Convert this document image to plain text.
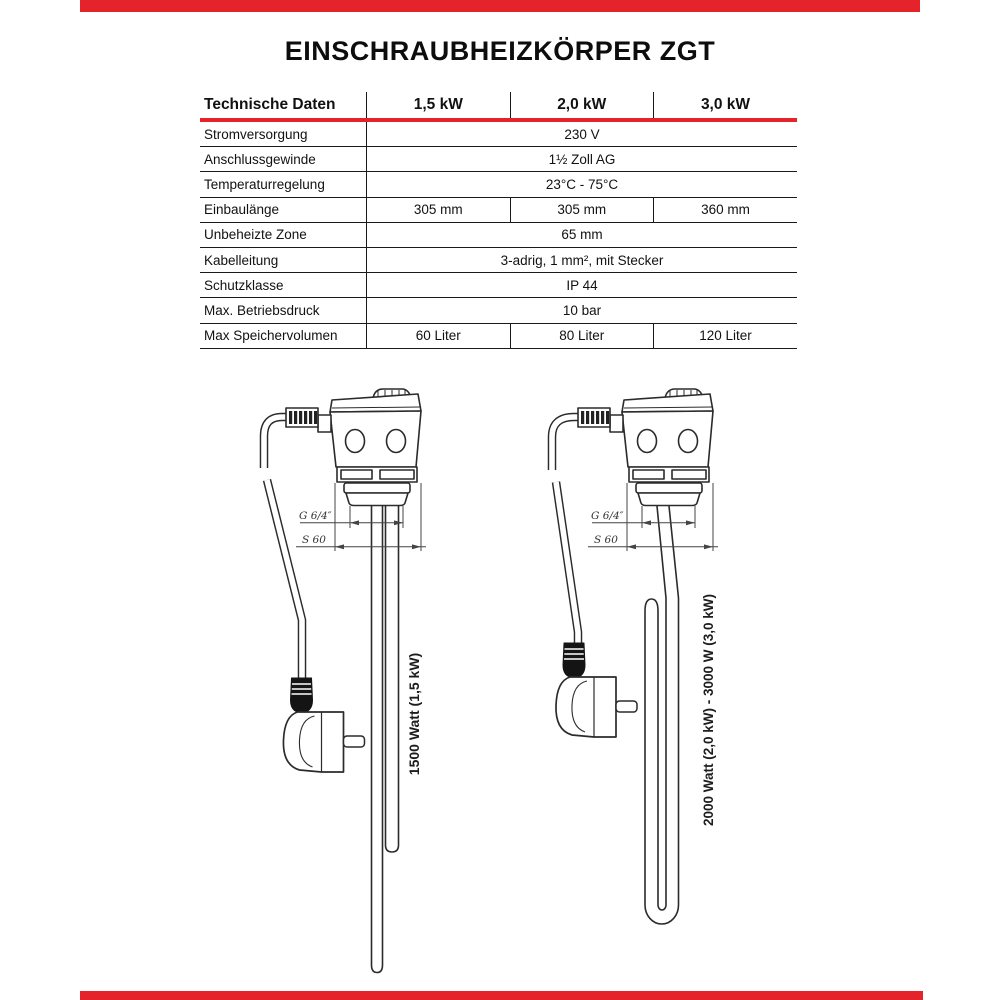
EINSCHRAUBHEIZKÖRPER ZGT
Technische Daten	1,5 kW	2,0 kW	3,0 kW
Stromversorgung	230 V		
Anschlussgewinde	1½ Zoll AG		
Temperaturregelung	23°C - 75°C		
Einbaulänge	305 mm	305 mm	360 mm
Unbeheizte Zone	65 mm		
Kabelleitung	3-adrig, 1 mm², mit Stecker		
Schutzklasse	IP 44		
Max. Betriebsdruck	10 bar		
Max Speichervolumen	60 Liter	80 Liter	120 Liter
G 6/4″
S 60
1500 Watt (1,5 kW)
G 6/4″
S 60
2000 Watt (2,0 kW) - 3000 W (3,0 kW)
